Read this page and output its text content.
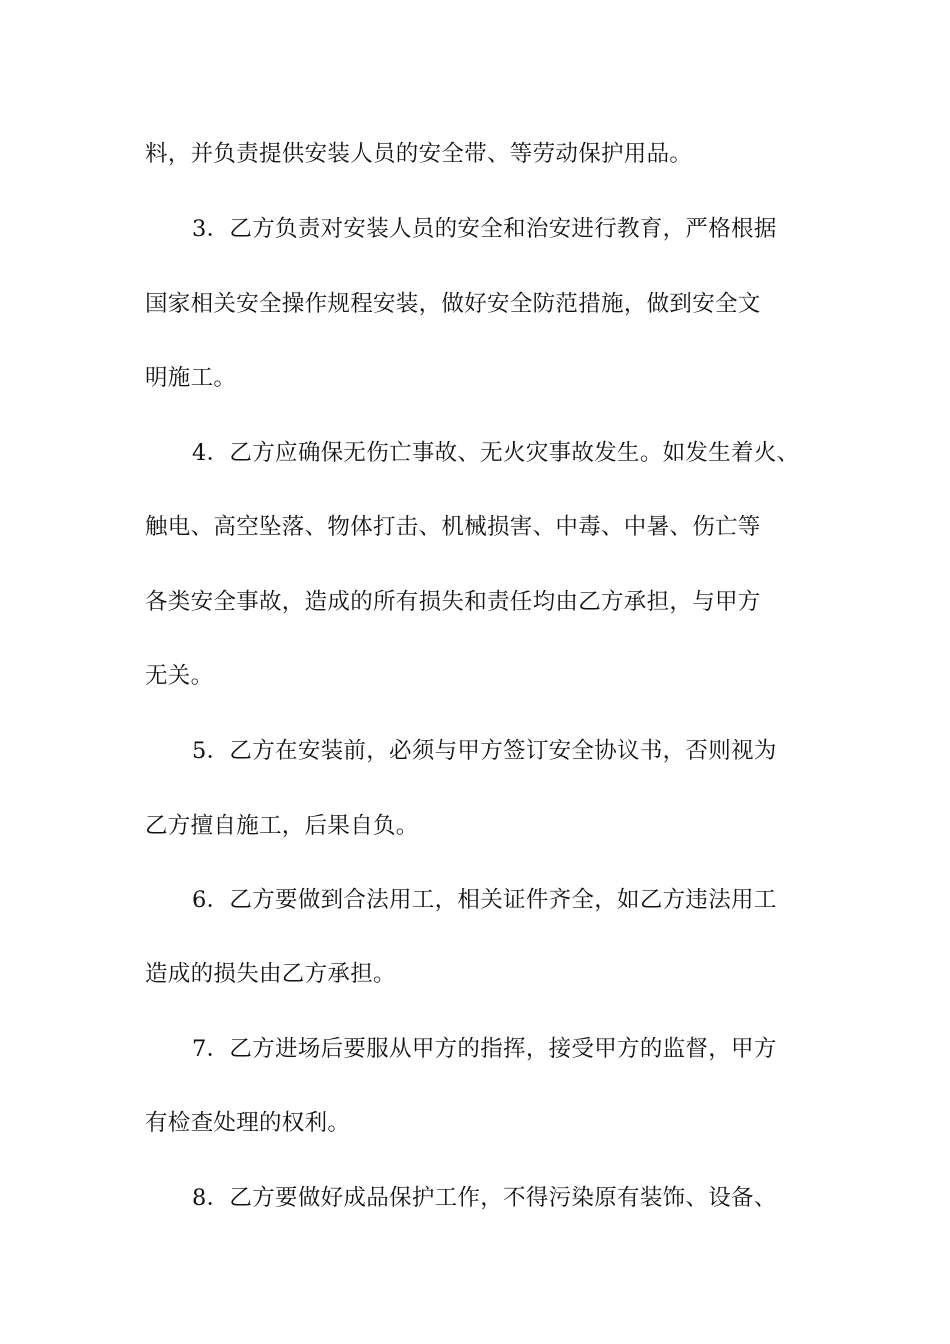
料，并负责提供安装人员的安全带、等劳动保护用品。
3．乙方负责对安装人员的安全和治安进行教育，严格根据
国家相关安全操作规程安装，做好安全防范措施，做到安全文
明施工。
4．乙方应确保无伤亡事故、无火灾事故发生。如发生着火、
触电、高空坠落、物体打击、机械损害、中毒、中暑、伤亡等
各类安全事故，造成的所有损失和责任均由乙方承担，与甲方
无关。
5．乙方在安装前，必须与甲方签订安全协议书，否则视为
乙方擅自施工，后果自负。
6．乙方要做到合法用工，相关证件齐全，如乙方违法用工
造成的损失由乙方承担。
7．乙方进场后要服从甲方的指挥，接受甲方的监督，甲方
有检查处理的权利。
8．乙方要做好成品保护工作，不得污染原有装饰、设备、
